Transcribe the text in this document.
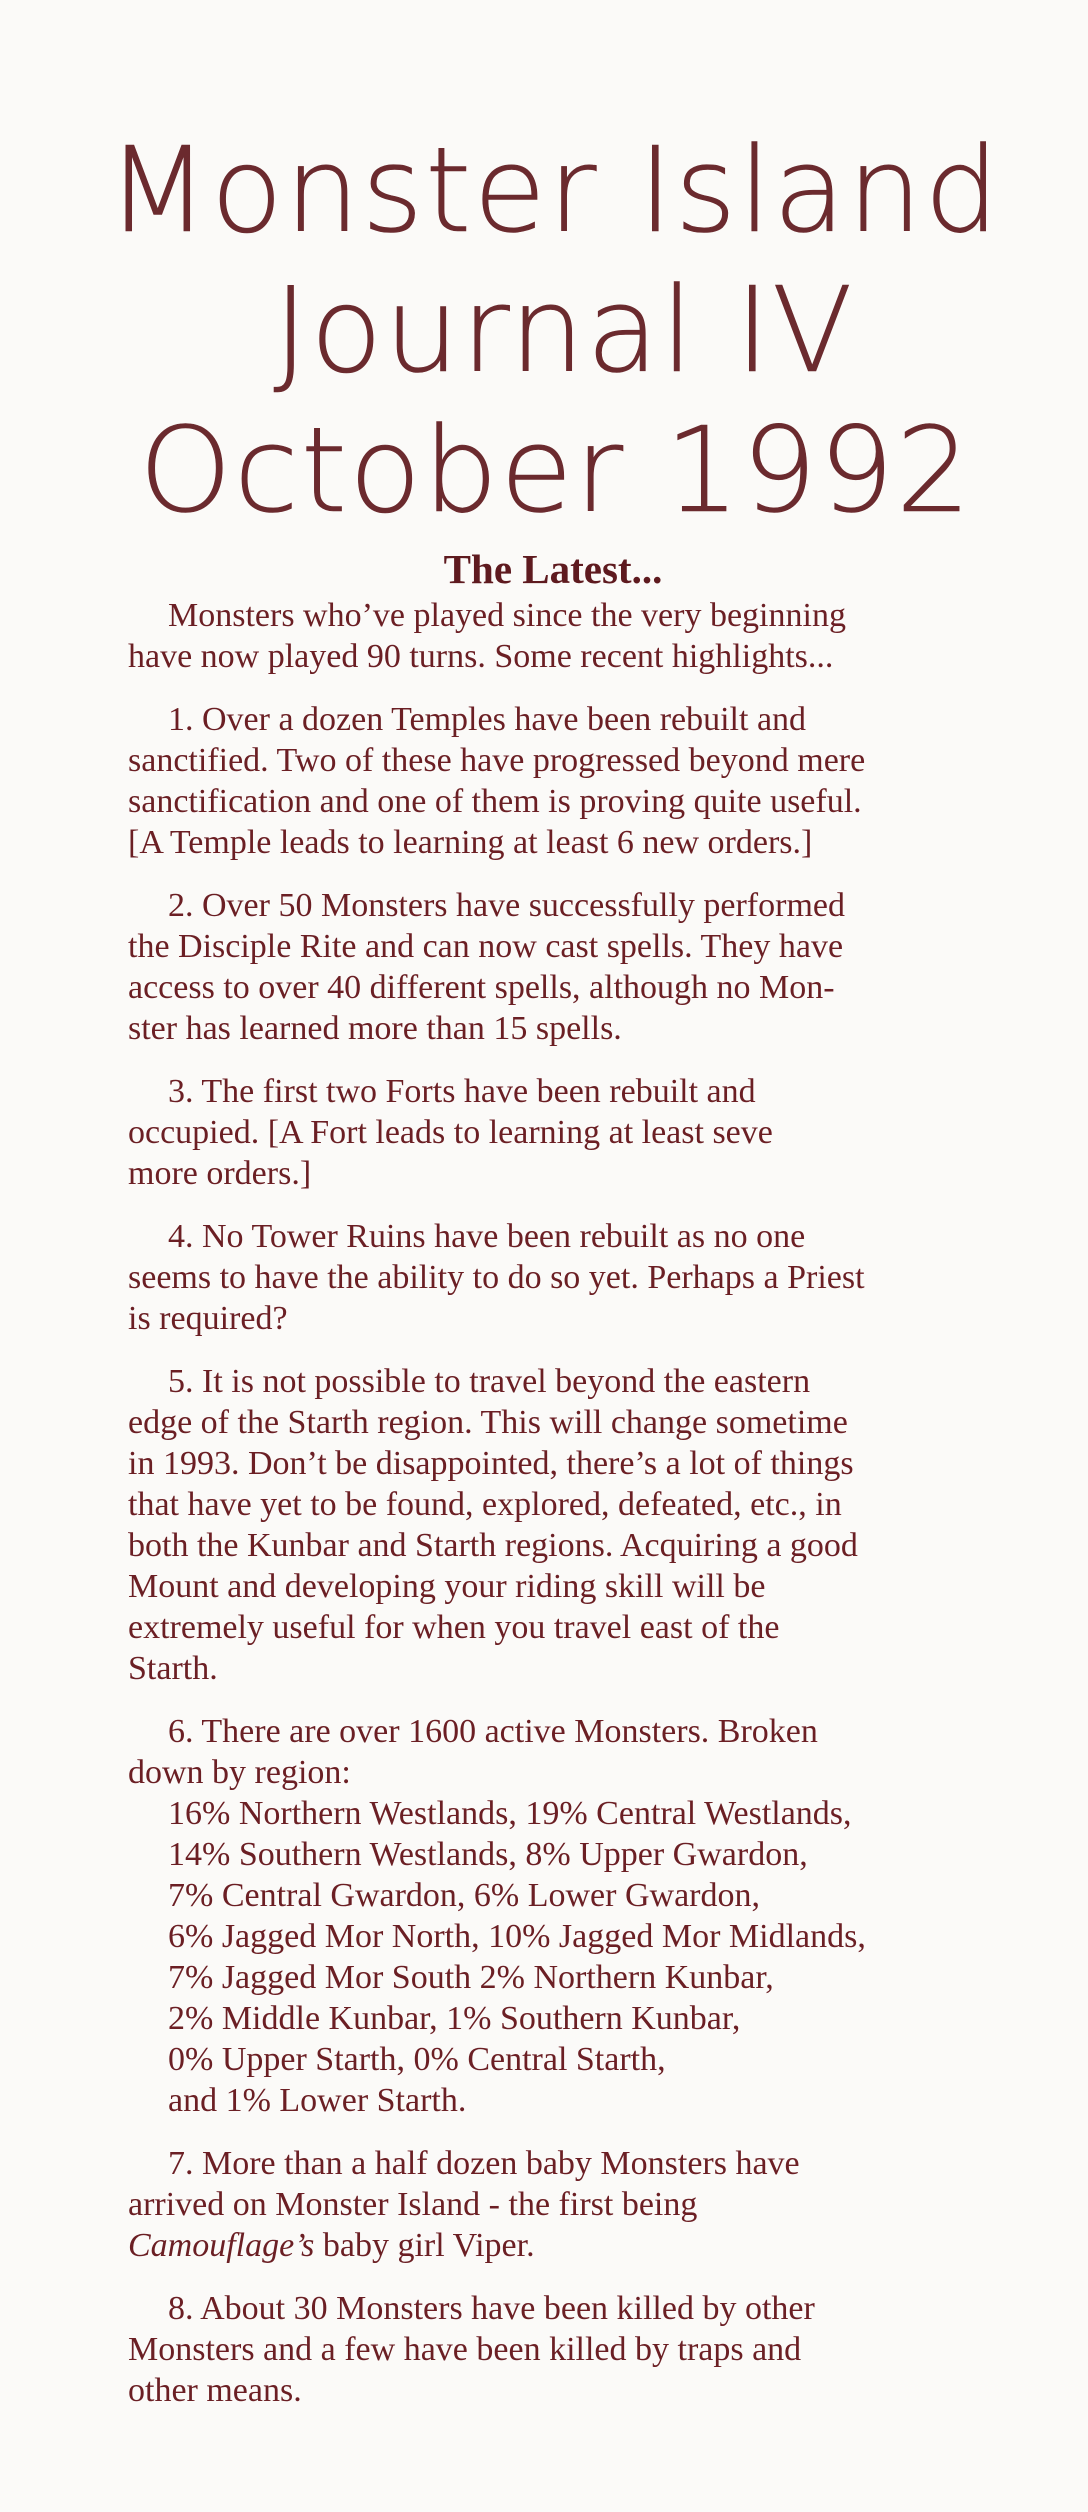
Monster Island
Journal IV
October 1992
The Latest...
Monsters who’ve played since the very beginning
have now played 90 turns. Some recent highlights...
1. Over a dozen Temples have been rebuilt and
sanctified. Two of these have progressed beyond mere
sanctification and one of them is proving quite useful.
[A Temple leads to learning at least 6 new orders.]
2. Over 50 Monsters have successfully performed
the Disciple Rite and can now cast spells. They have
access to over 40 different spells, although no Mon-
ster has learned more than 15 spells.
3. The first two Forts have been rebuilt and
occupied. [A Fort leads to learning at least seve
more orders.]
4. No Tower Ruins have been rebuilt as no one
seems to have the ability to do so yet. Perhaps a Priest
is required?
5. It is not possible to travel beyond the eastern
edge of the Starth region. This will change sometime
in 1993. Don’t be disappointed, there’s a lot of things
that have yet to be found, explored, defeated, etc., in
both the Kunbar and Starth regions. Acquiring a good
Mount and developing your riding skill will be
extremely useful for when you travel east of the
Starth.
6. There are over 1600 active Monsters. Broken
down by region:
16% Northern Westlands, 19% Central Westlands,
14% Southern Westlands, 8% Upper Gwardon,
7% Central Gwardon, 6% Lower Gwardon,
6% Jagged Mor North, 10% Jagged Mor Midlands,
7% Jagged Mor South 2% Northern Kunbar,
2% Middle Kunbar, 1% Southern Kunbar,
0% Upper Starth, 0% Central Starth,
and 1% Lower Starth.
7. More than a half dozen baby Monsters have
arrived on Monster Island - the first being
Camouflage’s baby girl Viper.
8. About 30 Monsters have been killed by other
Monsters and a few have been killed by traps and
other means.
